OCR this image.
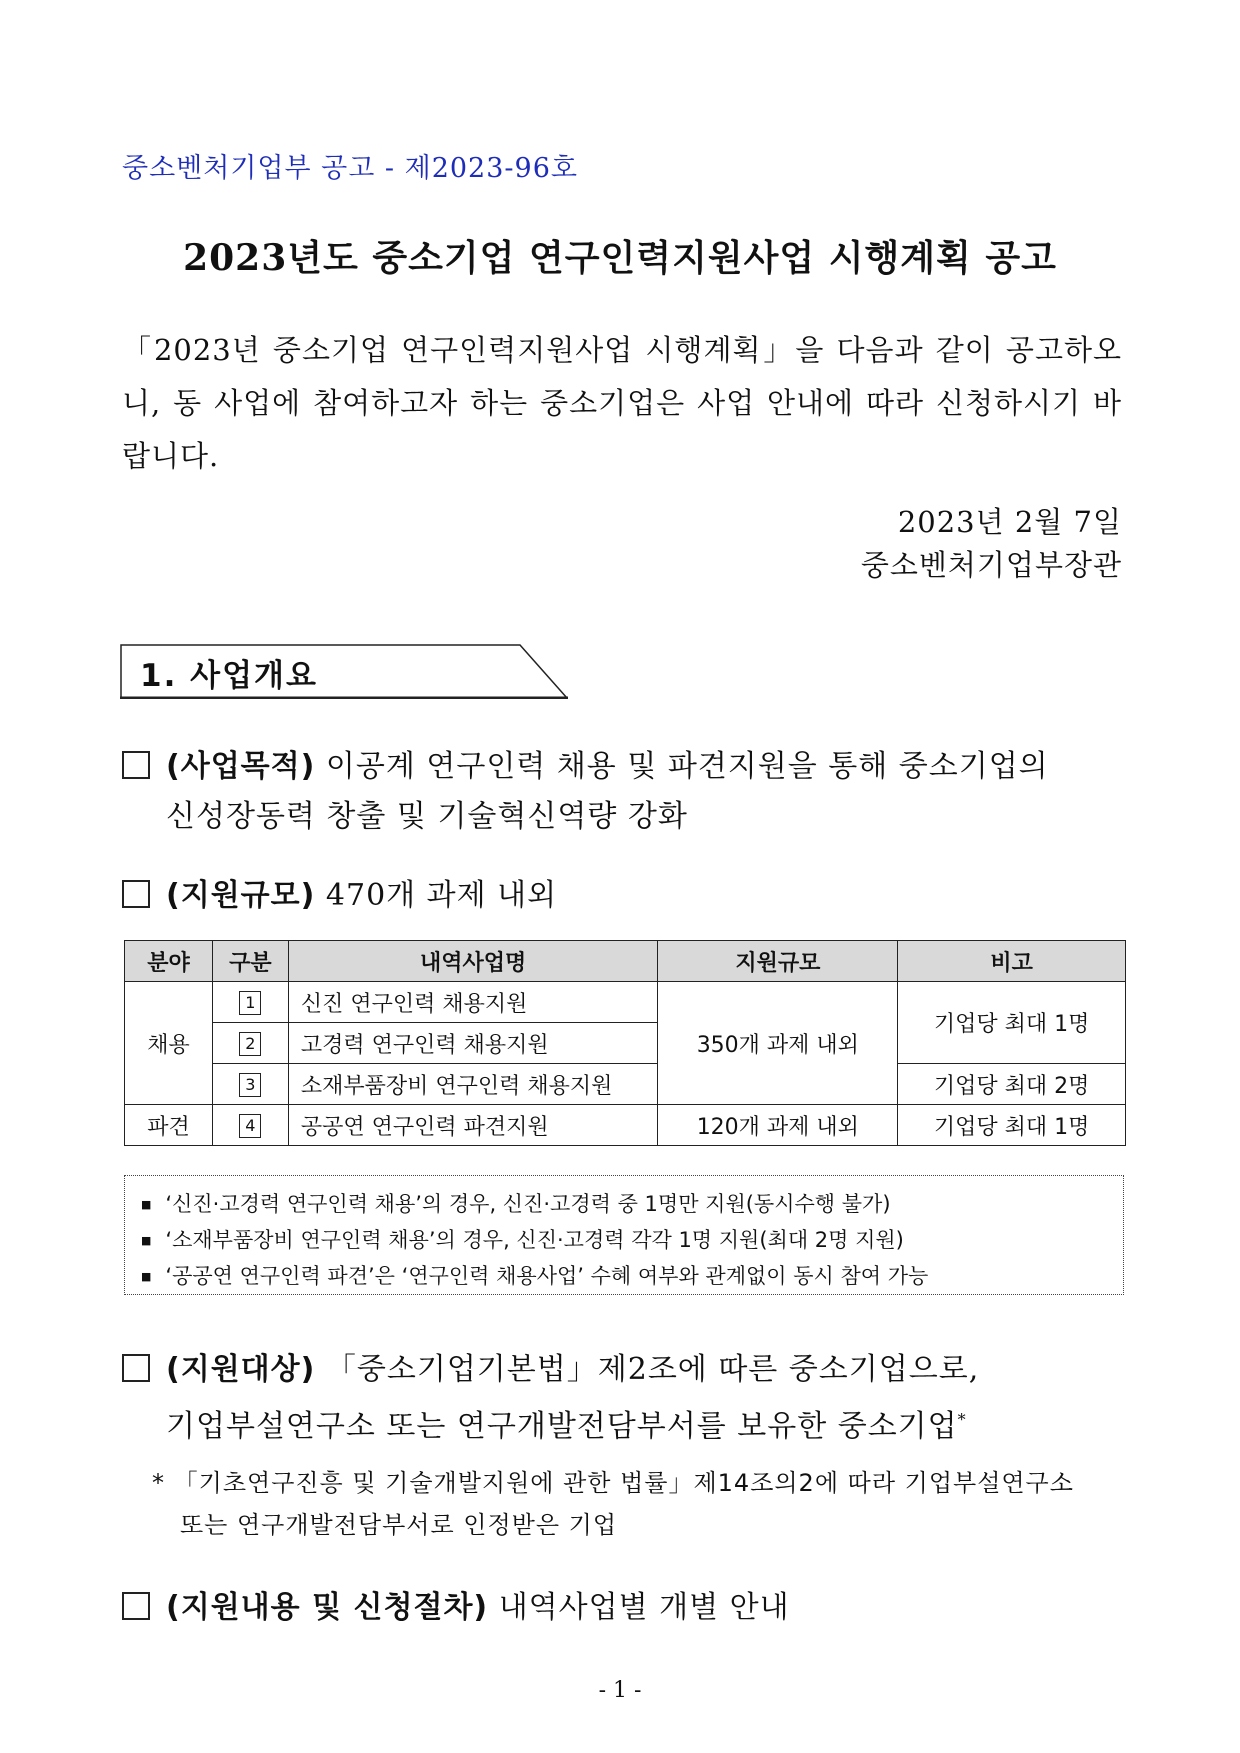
중소벤처기업부 공고 - 제2023-96호
2023년도 중소기업 연구인력지원사업 시행계획 공고
「2023년 중소기업 연구인력지원사업 시행계획」을 다음과 같이 공고하오니, 동 사업에 참여하고자 하는 중소기업은 사업 안내에 따라 신청하시기 바랍니다.
2023년 2월 7일
중소벤처기업부장관
1. 사업개요
(사업목적) 이공계 연구인력 채용 및 파견지원을 통해 중소기업의
신성장동력 창출 및 기술혁신역량 강화
(지원규모) 470개 과제 내외
분야	구분	내역사업명	지원규모	비고
채용	1	신진 연구인력 채용지원	350개 과제 내외	기업당 최대 1명
	2	고경력 연구인력 채용지원		
	3	소재부품장비 연구인력 채용지원		기업당 최대 2명
파견	4	공공연 연구인력 파견지원	120개 과제 내외	기업당 최대 1명
■ ‘신진·고경력 연구인력 채용’의 경우, 신진·고경력 중 1명만 지원(동시수행 불가)
■ ‘소재부품장비 연구인력 채용’의 경우, 신진·고경력 각각 1명 지원(최대 2명 지원)
■ ‘공공연 연구인력 파견’은 ‘연구인력 채용사업’ 수혜 여부와 관계없이 동시 참여 가능
(지원대상) 「중소기업기본법」제2조에 따른 중소기업으로,
기업부설연구소 또는 연구개발전담부서를 보유한 중소기업*
* 「기초연구진흥 및 기술개발지원에 관한 법률」제14조의2에 따라 기업부설연구소
또는 연구개발전담부서로 인정받은 기업
(지원내용 및 신청절차) 내역사업별 개별 안내
- 1 -
